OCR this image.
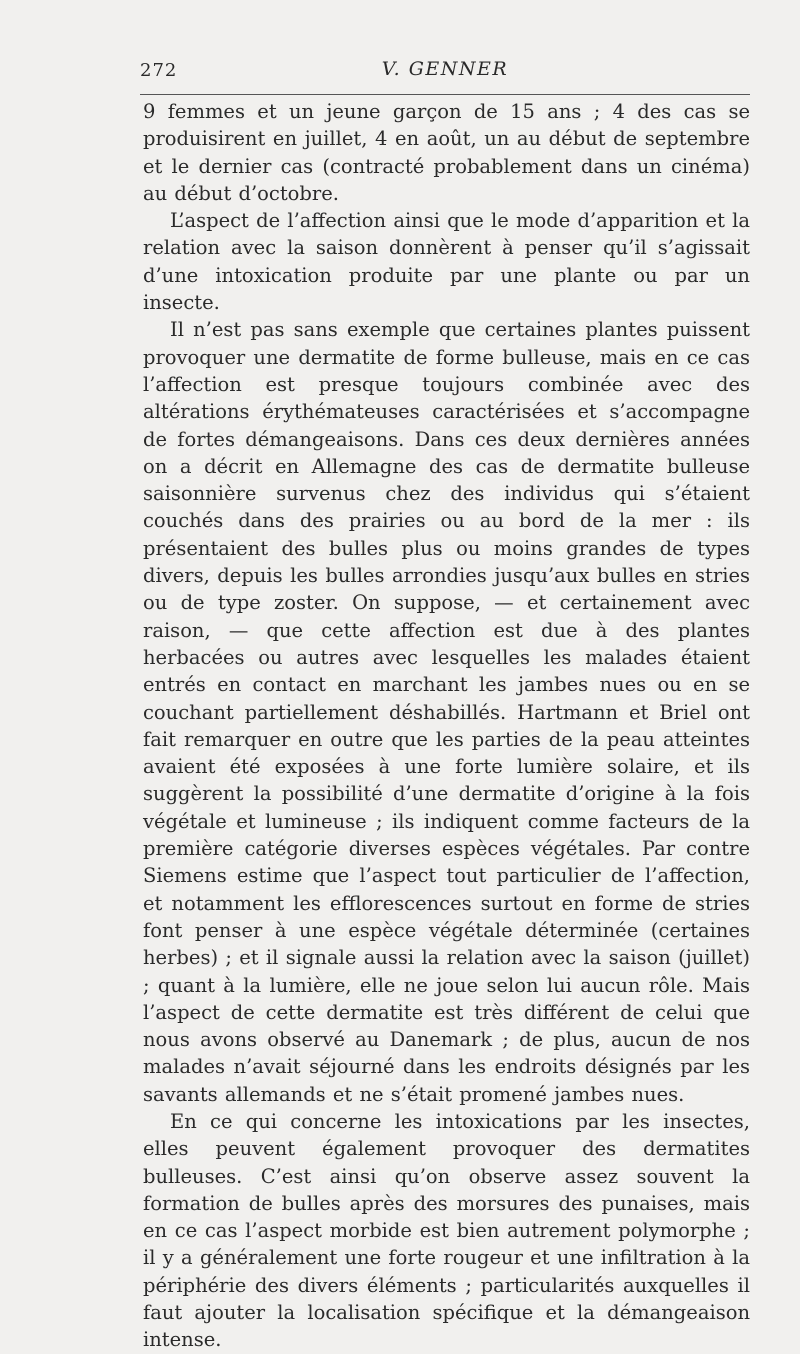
272	V. GENNER

9 femmes et un jeune garçon de 15 ans ; 4 des cas se produisirent en juillet, 4 en août, un au début de septembre et le dernier cas (contracté probablement dans un cinéma) au début d’octobre.

L’aspect de l’affection ainsi que le mode d’apparition et la relation avec la saison donnèrent à penser qu’il s’agissait d’une intoxication produite par une plante ou par un insecte.

Il n’est pas sans exemple que certaines plantes puissent provoquer une dermatite de forme bulleuse, mais en ce cas l’affection est presque toujours combinée avec des altérations érythémateuses caractérisées et s’accompagne de fortes démangeaisons. Dans ces deux dernières années on a décrit en Allemagne des cas de dermatite bulleuse saisonnière survenus chez des individus qui s’étaient couchés dans des prairies ou au bord de la mer : ils présentaient des bulles plus ou moins grandes de types divers, depuis les bulles arrondies jusqu’aux bulles en stries ou de type zoster. On suppose, — et certainement avec raison, — que cette affection est due à des plantes herbacées ou autres avec lesquelles les malades étaient entrés en contact en marchant les jambes nues ou en se couchant partiellement déshabillés. Hartmann et Briel ont fait remarquer en outre que les parties de la peau atteintes avaient été exposées à une forte lumière solaire, et ils suggèrent la possibilité d’une dermatite d’origine à la fois végétale et lumineuse ; ils indiquent comme facteurs de la première catégorie diverses espèces végétales. Par contre Siemens estime que l’aspect tout particulier de l’affection, et notamment les efflorescences surtout en forme de stries font penser à une espèce végétale déterminée (certaines herbes) ; et il signale aussi la relation avec la saison (juillet) ; quant à la lumière, elle ne joue selon lui aucun rôle. Mais l’aspect de cette dermatite est très différent de celui que nous avons observé au Danemark ; de plus, aucun de nos malades n’avait séjourné dans les endroits désignés par les savants allemands et ne s’était promené jambes nues.

En ce qui concerne les intoxications par les insectes, elles peuvent également provoquer des dermatites bulleuses. C’est ainsi qu’on observe assez souvent la formation de bulles après des morsures des punaises, mais en ce cas l’aspect morbide est bien autrement polymorphe ; il y a généralement une forte rougeur et une infiltration à la périphérie des divers éléments ; particularités auxquelles il faut ajouter la localisation spécifique et la démangeaison intense.
